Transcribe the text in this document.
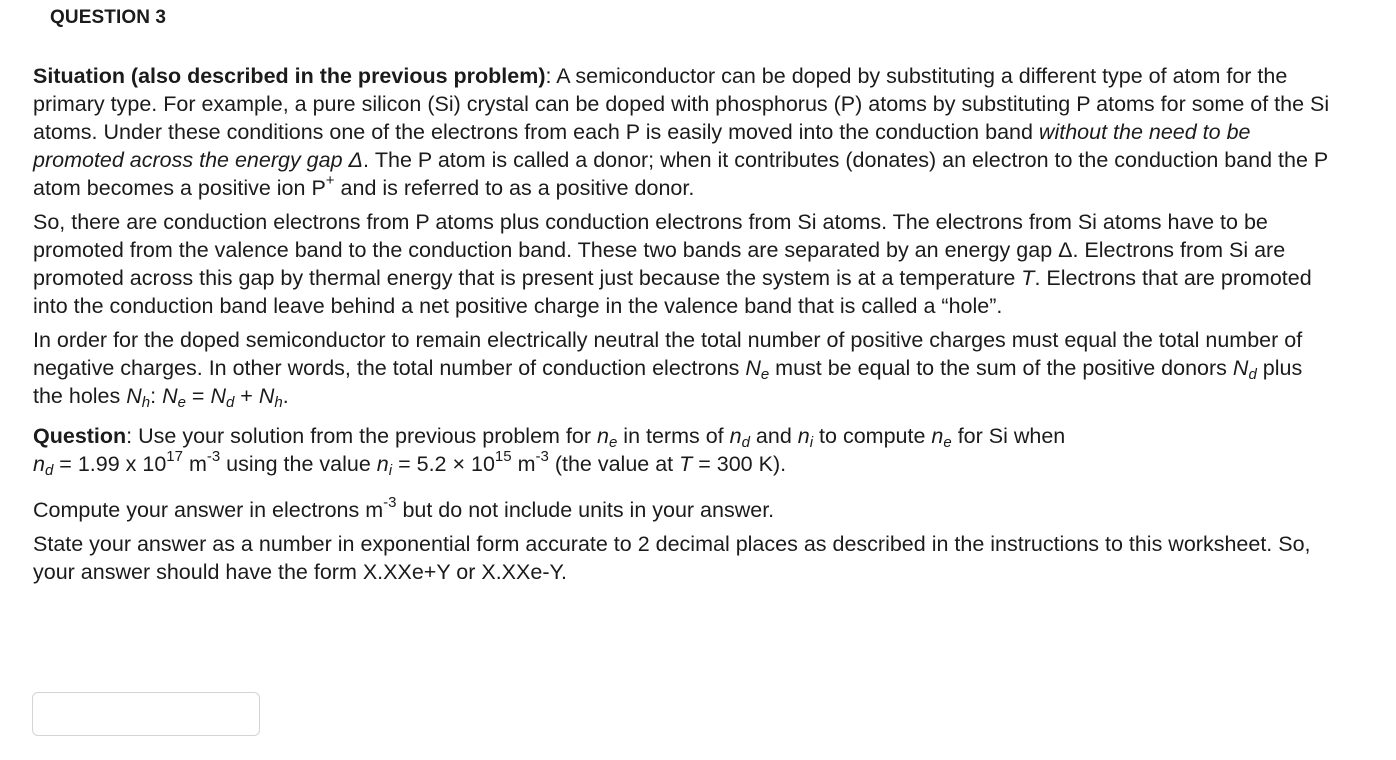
QUESTION 3

Situation (also described in the previous problem): A semiconductor can be doped by substituting a different type of atom for the primary type. For example, a pure silicon (Si) crystal can be doped with phosphorus (P) atoms by substituting P atoms for some of the Si atoms. Under these conditions one of the electrons from each P is easily moved into the conduction band without the need to be promoted across the energy gap Δ. The P atom is called a donor; when it contributes (donates) an electron to the conduction band the P atom becomes a positive ion P+ and is referred to as a positive donor.

So, there are conduction electrons from P atoms plus conduction electrons from Si atoms. The electrons from Si atoms have to be promoted from the valence band to the conduction band. These two bands are separated by an energy gap Δ. Electrons from Si are promoted across this gap by thermal energy that is present just because the system is at a temperature T. Electrons that are promoted into the conduction band leave behind a net positive charge in the valence band that is called a “hole”.

In order for the doped semiconductor to remain electrically neutral the total number of positive charges must equal the total number of negative charges. In other words, the total number of conduction electrons $N_e$ must be equal to the sum of the positive donors $N_d$ plus the holes $N_h$: $N_e = N_d + N_h$.

Question: Use your solution from the previous problem for $n_e$ in terms of $n_d$ and $n_i$ to compute $n_e$ for Si when
$n_d = 1.99$ x $10^{17}$ $m^{-3}$ using the value $n_i = 5.2 \times 10^{15}$ $m^{-3}$ (the value at T = 300 K).

Compute your answer in electrons $m^{-3}$ but do not include units in your answer.

State your answer as a number in exponential form accurate to 2 decimal places as described in the instructions to this worksheet. So, your answer should have the form X.XXe+Y or X.XXe-Y.
